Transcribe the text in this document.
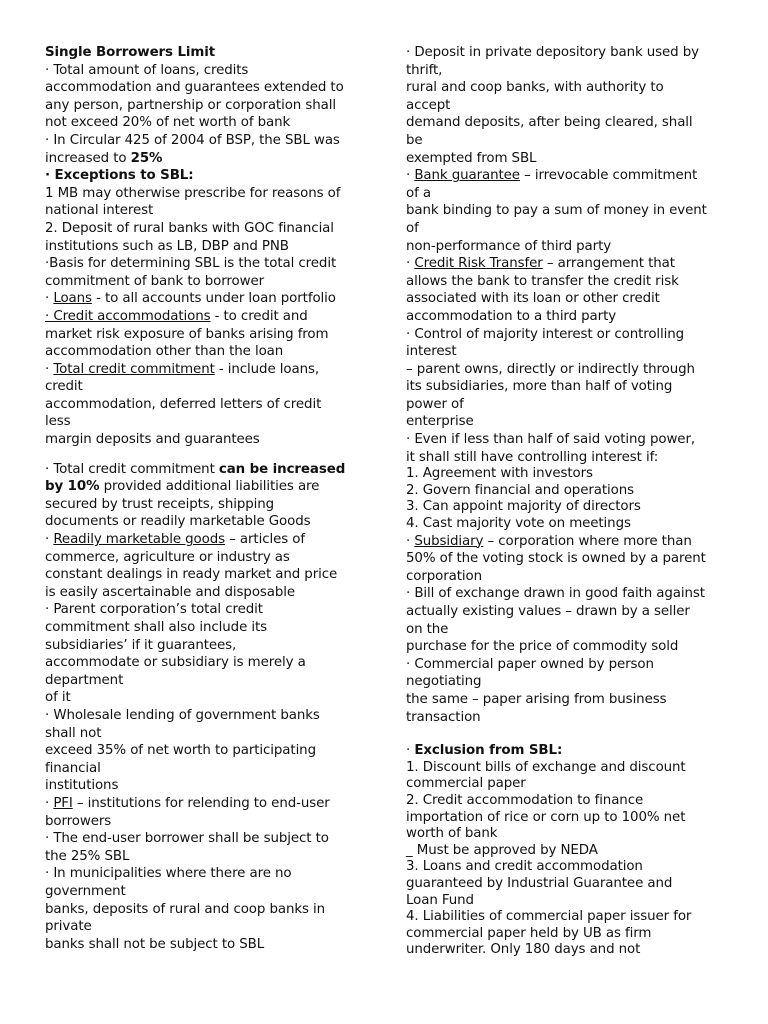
Single Borrowers Limit
· Total amount of loans, credits
accommodation and guarantees extended to
any person, partnership or corporation shall
not exceed 20% of net worth of bank
· In Circular 425 of 2004 of BSP, the SBL was
increased to 25%
· Exceptions to SBL:
1 MB may otherwise prescribe for reasons of
national interest
2. Deposit of rural banks with GOC financial
institutions such as LB, DBP and PNB
·Basis for determining SBL is the total credit
commitment of bank to borrower
· Loans - to all accounts under loan portfolio
· Credit accommodations - to credit and
market risk exposure of banks arising from
accommodation other than the loan
· Total credit commitment - include loans,
credit
accommodation, deferred letters of credit
less
margin deposits and guarantees
· Total credit commitment can be increased
by 10% provided additional liabilities are
secured by trust receipts, shipping
documents or readily marketable Goods
· Readily marketable goods – articles of
commerce, agriculture or industry as
constant dealings in ready market and price
is easily ascertainable and disposable
· Parent corporation’s total credit
commitment shall also include its
subsidiaries’ if it guarantees,
accommodate or subsidiary is merely a
department
of it
· Wholesale lending of government banks
shall not
exceed 35% of net worth to participating
financial
institutions
· PFI – institutions for relending to end-user
borrowers
· The end-user borrower shall be subject to
the 25% SBL
· In municipalities where there are no
government
banks, deposits of rural and coop banks in
private
banks shall not be subject to SBL
· Deposit in private depository bank used by
thrift,
rural and coop banks, with authority to
accept
demand deposits, after being cleared, shall
be
exempted from SBL
· Bank guarantee – irrevocable commitment
of a
bank binding to pay a sum of money in event
of
non-performance of third party
· Credit Risk Transfer – arrangement that
allows the bank to transfer the credit risk
associated with its loan or other credit
accommodation to a third party
· Control of majority interest or controlling
interest
– parent owns, directly or indirectly through
its subsidiaries, more than half of voting
power of
enterprise
· Even if less than half of said voting power,
it shall still have controlling interest if:
1. Agreement with investors
2. Govern financial and operations
3. Can appoint majority of directors
4. Cast majority vote on meetings
· Subsidiary – corporation where more than
50% of the voting stock is owned by a parent
corporation
· Bill of exchange drawn in good faith against
actually existing values – drawn by a seller
on the
purchase for the price of commodity sold
· Commercial paper owned by person
negotiating
the same – paper arising from business
transaction
· Exclusion from SBL:
1. Discount bills of exchange and discount
commercial paper
2. Credit accommodation to finance
importation of rice or corn up to 100% net
worth of bank
_ Must be approved by NEDA
3. Loans and credit accommodation
guaranteed by Industrial Guarantee and
Loan Fund
4. Liabilities of commercial paper issuer for
commercial paper held by UB as firm
underwriter. Only 180 days and not
